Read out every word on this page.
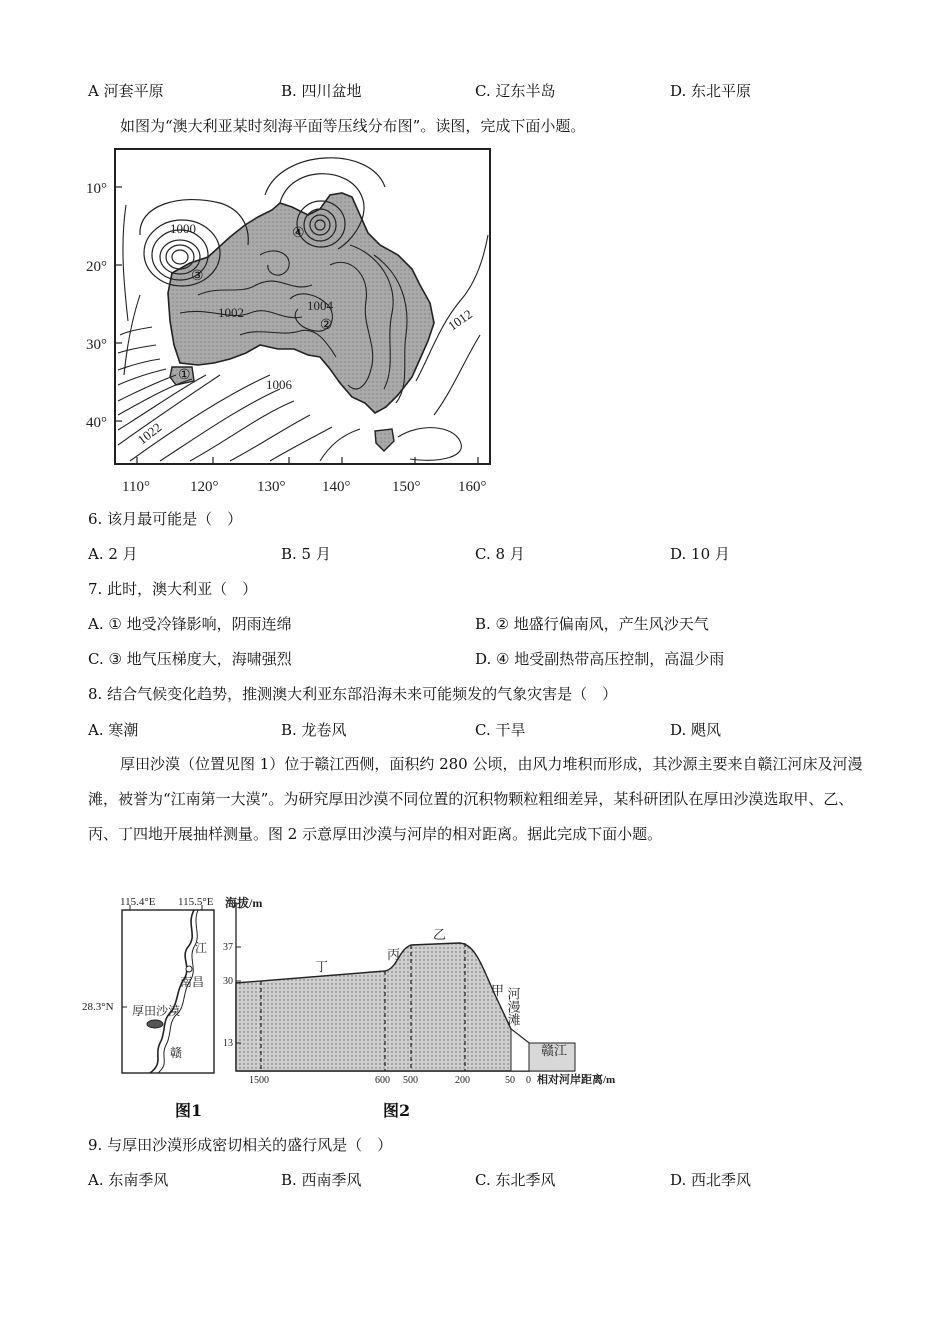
A 河套平原	B. 四川盆地	C. 辽东半岛	D. 东北平原
如图为“澳大利亚某时刻海平面等压线分布图”。读图，完成下面小题。
10°
20°
30°
40°
110°	120°	130° 140°	150°	160°
1000
1002	1004
1006
1012
1022
①
②
③
④
6. 该月最可能是（　）
A. 2 月	B. 5 月	C. 8 月	D. 10 月
7. 此时，澳大利亚（　）
A. ① 地受冷锋影响，阴雨连绵	B. ② 地盛行偏南风，产生风沙天气
C. ③ 地气压梯度大，海啸强烈	D. ④ 地受副热带高压控制，高温少雨
8. 结合气候变化趋势，推测澳大利亚东部沿海未来可能频发的气象灾害是（　）
A. 寒潮	B. 龙卷风	C. 干旱	D. 飓风
厚田沙漠（位置见图 1）位于赣江西侧，面积约 280 公顷，由风力堆积而形成，其沙源主要来自赣江河床及河漫滩，被誉为“江南第一大漠”。为研究厚田沙漠不同位置的沉积物颗粒粗细差异，某科研团队在厚田沙漠选取甲、乙、丙、丁四地开展抽样测量。图 2 示意厚田沙漠与河岸的相对距离。据此完成下面小题。
115.4°E 115.5°E
28.3°N
江
南昌
厚田沙漠
赣
37
30
13
1500	600 500	200	50 0
海拔/m
相对河岸距离/m
丁
丙
乙
甲
赣江
河漫滩
图1	图2
9. 与厚田沙漠形成密切相关的盛行风是（　）
A. 东南季风	B. 西南季风	C. 东北季风	D. 西北季风
